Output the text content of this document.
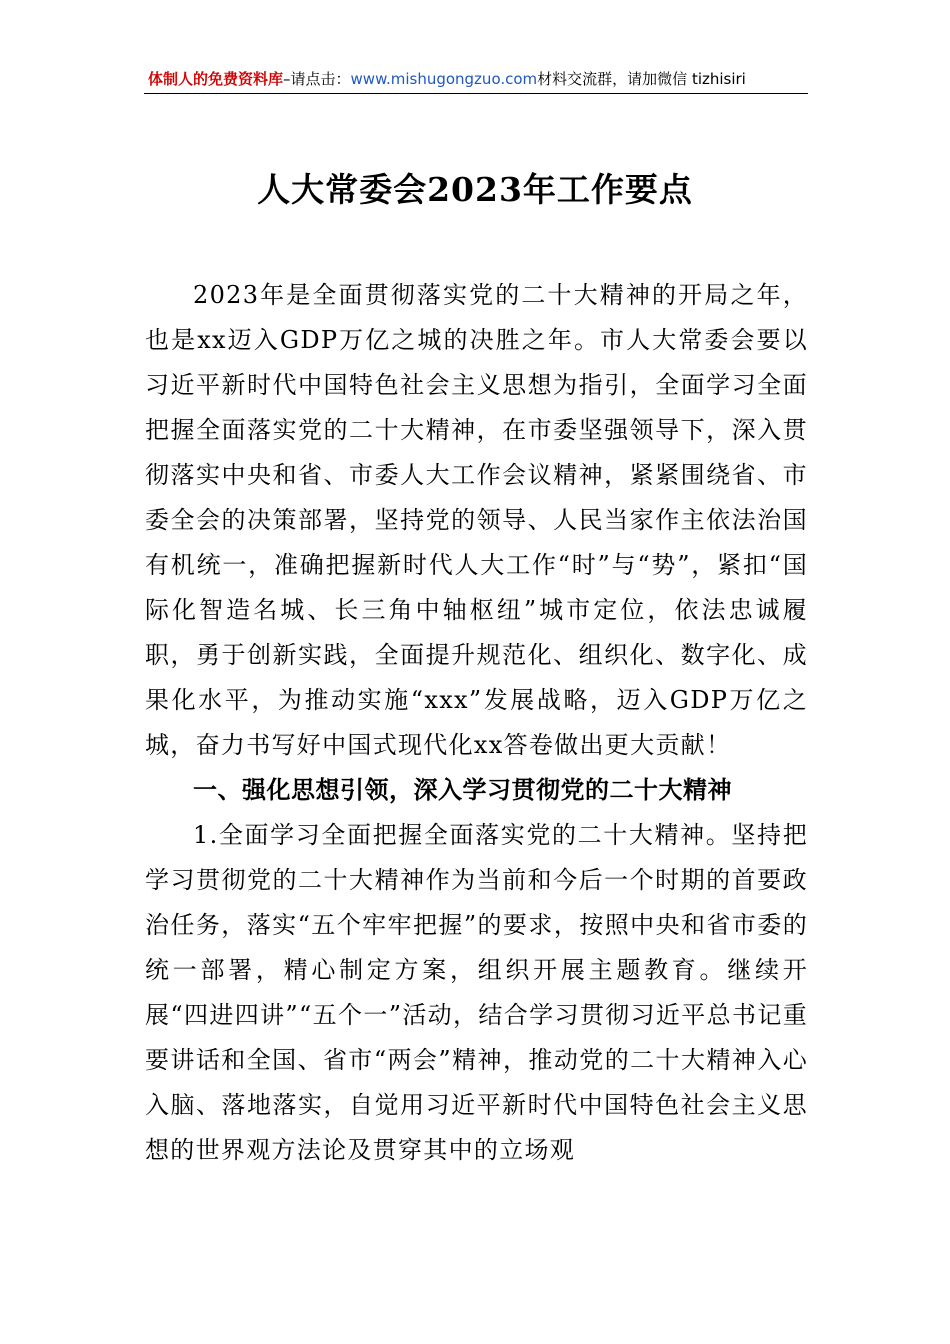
体制人的免费资料库–请点击：www.mishugongzuo.com材料交流群，请加微信 tizhisiri
人大常委会2023年工作要点

2023年是全面贯彻落实党的二十大精神的开局之年，也是xx迈入GDP万亿之城的决胜之年。市人大常委会要以习近平新时代中国特色社会主义思想为指引，全面学习全面把握全面落实党的二十大精神，在市委坚强领导下，深入贯彻落实中央和省、市委人大工作会议精神，紧紧围绕省、市委全会的决策部署，坚持党的领导、人民当家作主依法治国有机统一，准确把握新时代人大工作“时”与“势”，紧扣“国际化智造名城、长三角中轴枢纽”城市定位，依法忠诚履职，勇于创新实践，全面提升规范化、组织化、数字化、成果化水平，为推动实施“xxx”发展战略，迈入GDP万亿之城，奋力书写好中国式现代化xx答卷做出更大贡献！

一、强化思想引领，深入学习贯彻党的二十大精神

1.全面学习全面把握全面落实党的二十大精神。坚持把学习贯彻党的二十大精神作为当前和今后一个时期的首要政治任务，落实“五个牢牢把握”的要求，按照中央和省市委的统一部署，精心制定方案，组织开展主题教育。继续开展“四进四讲”“五个一”活动，结合学习贯彻习近平总书记重要讲话和全国、省市“两会”精神，推动党的二十大精神入心入脑、落地落实，自觉用习近平新时代中国特色社会主义思想的世界观方法论及贯穿其中的立场观
